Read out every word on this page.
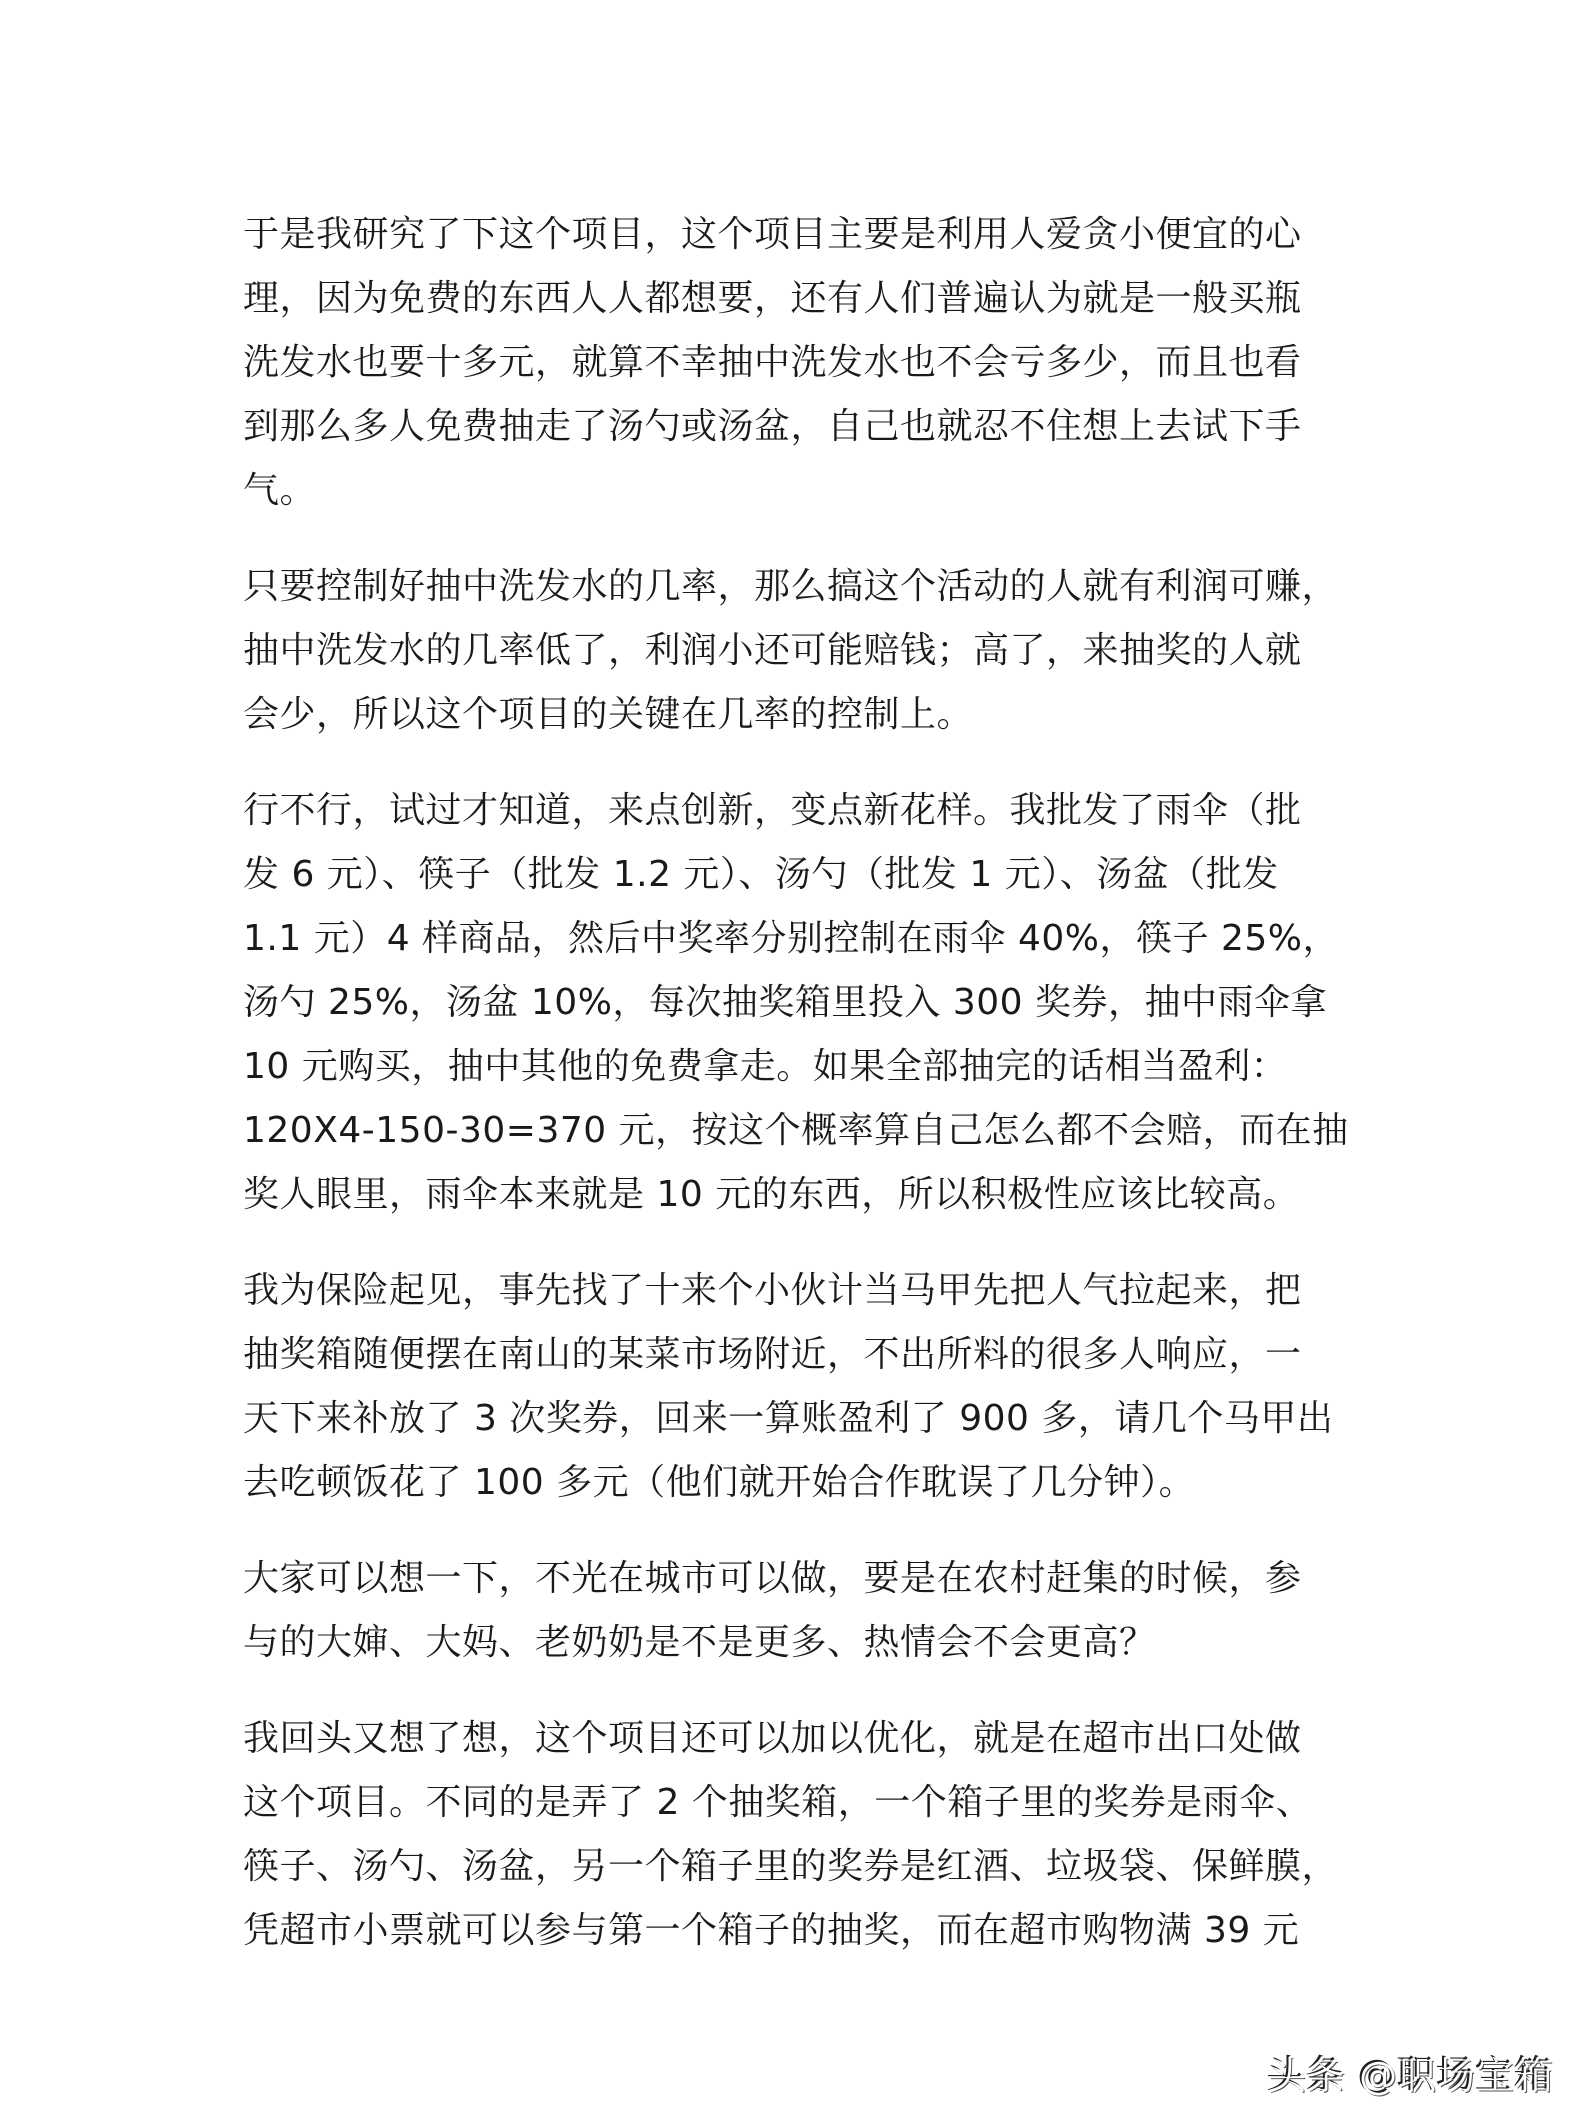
于是我研究了下这个项目，这个项目主要是利用人爱贪小便宜的心
理，因为免费的东西人人都想要，还有人们普遍认为就是一般买瓶
洗发水也要十多元，就算不幸抽中洗发水也不会亏多少，而且也看
到那么多人免费抽走了汤勺或汤盆，自己也就忍不住想上去试下手
气。

只要控制好抽中洗发水的几率，那么搞这个活动的人就有利润可赚，
抽中洗发水的几率低了，利润小还可能赔钱；高了，来抽奖的人就
会少，所以这个项目的关键在几率的控制上。

行不行，试过才知道，来点创新，变点新花样。我批发了雨伞（批
发 6 元）、筷子（批发 1.2 元）、汤勺（批发 1 元）、汤盆（批发
1.1 元）4 样商品，然后中奖率分别控制在雨伞 40%，筷子 25%，
汤勺 25%，汤盆 10%，每次抽奖箱里投入 300 奖券，抽中雨伞拿
10 元购买，抽中其他的免费拿走。如果全部抽完的话相当盈利：
120X4-150-30=370 元，按这个概率算自己怎么都不会赔，而在抽
奖人眼里，雨伞本来就是 10 元的东西，所以积极性应该比较高。

我为保险起见，事先找了十来个小伙计当马甲先把人气拉起来，把
抽奖箱随便摆在南山的某菜市场附近，不出所料的很多人响应，一
天下来补放了 3 次奖券，回来一算账盈利了 900 多，请几个马甲出
去吃顿饭花了 100 多元（他们就开始合作耽误了几分钟）。

大家可以想一下，不光在城市可以做，要是在农村赶集的时候，参
与的大婶、大妈、老奶奶是不是更多、热情会不会更高？

我回头又想了想，这个项目还可以加以优化，就是在超市出口处做
这个项目。不同的是弄了 2 个抽奖箱，一个箱子里的奖券是雨伞、
筷子、汤勺、汤盆，另一个箱子里的奖券是红酒、垃圾袋、保鲜膜，
凭超市小票就可以参与第一个箱子的抽奖，而在超市购物满 39 元

头条 @职场宝箱
